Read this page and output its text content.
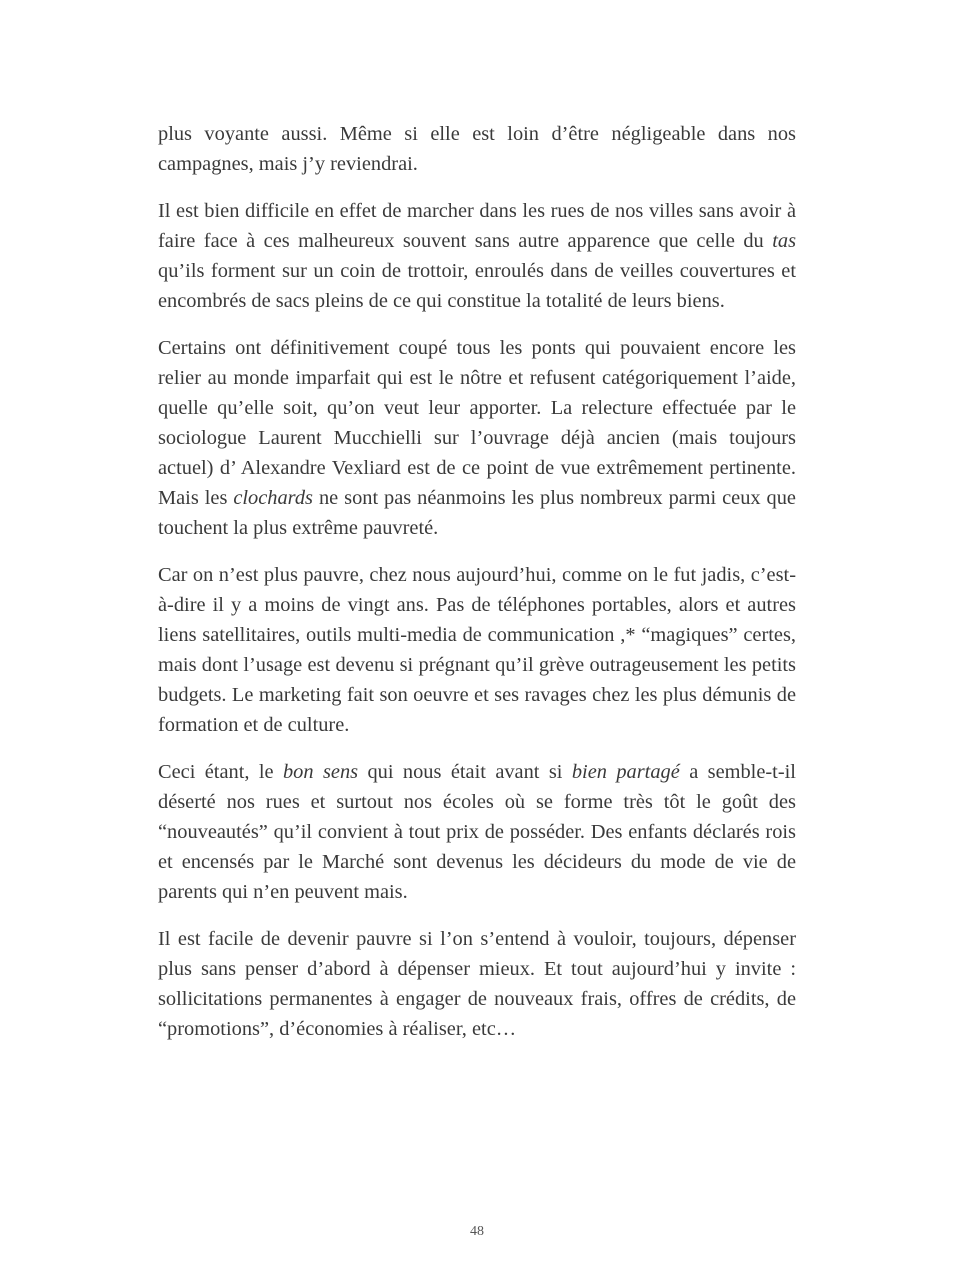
plus voyante aussi. Même si elle est loin d’être négligeable dans nos campagnes, mais j’y reviendrai.

Il est bien difficile en effet de marcher dans les rues de nos villes sans avoir à faire face à ces malheureux souvent sans autre apparence que celle du tas qu’ils forment sur un coin de trottoir, enroulés dans de veilles couvertures et encombrés de sacs pleins de ce qui constitue la totalité de leurs biens.

Certains ont définitivement coupé tous les ponts qui pouvaient encore les relier au monde imparfait qui est le nôtre et refusent catégoriquement l’aide, quelle qu’elle soit, qu’on veut leur apporter. La relecture effectuée par le sociologue Laurent Mucchielli sur l’ouvrage déjà ancien (mais toujours actuel) d’ Alexandre Vexliard est de ce point de vue extrêmement pertinente. Mais les clochards ne sont pas néanmoins les plus nombreux parmi ceux que touchent la plus extrême pauvreté.

Car on n’est plus pauvre, chez nous aujourd’hui, comme on le fut jadis, c’est-à-dire il y a moins de vingt ans. Pas de téléphones portables, alors et autres liens satellitaires, outils multi-media de communication ,* “magiques” certes, mais dont l’usage est devenu si prégnant qu’il grève outrageusement les petits budgets. Le marketing fait son oeuvre et ses ravages chez les plus démunis de formation et de culture.

Ceci étant, le bon sens qui nous était avant si bien partagé a semble-t-il déserté nos rues et surtout nos écoles où se forme très tôt le goût des “nouveautés” qu’il convient à tout prix de posséder. Des enfants déclarés rois et encensés par le Marché sont devenus les décideurs du mode de vie de parents qui n’en peuvent mais.

Il est facile de devenir pauvre si l’on s’entend à vouloir, toujours, dépenser plus sans penser d’abord à dépenser mieux. Et tout aujourd’hui y invite : sollicitations permanentes à engager de nouveaux frais, offres de crédits, de “promotions”, d’économies à réaliser, etc…

48
